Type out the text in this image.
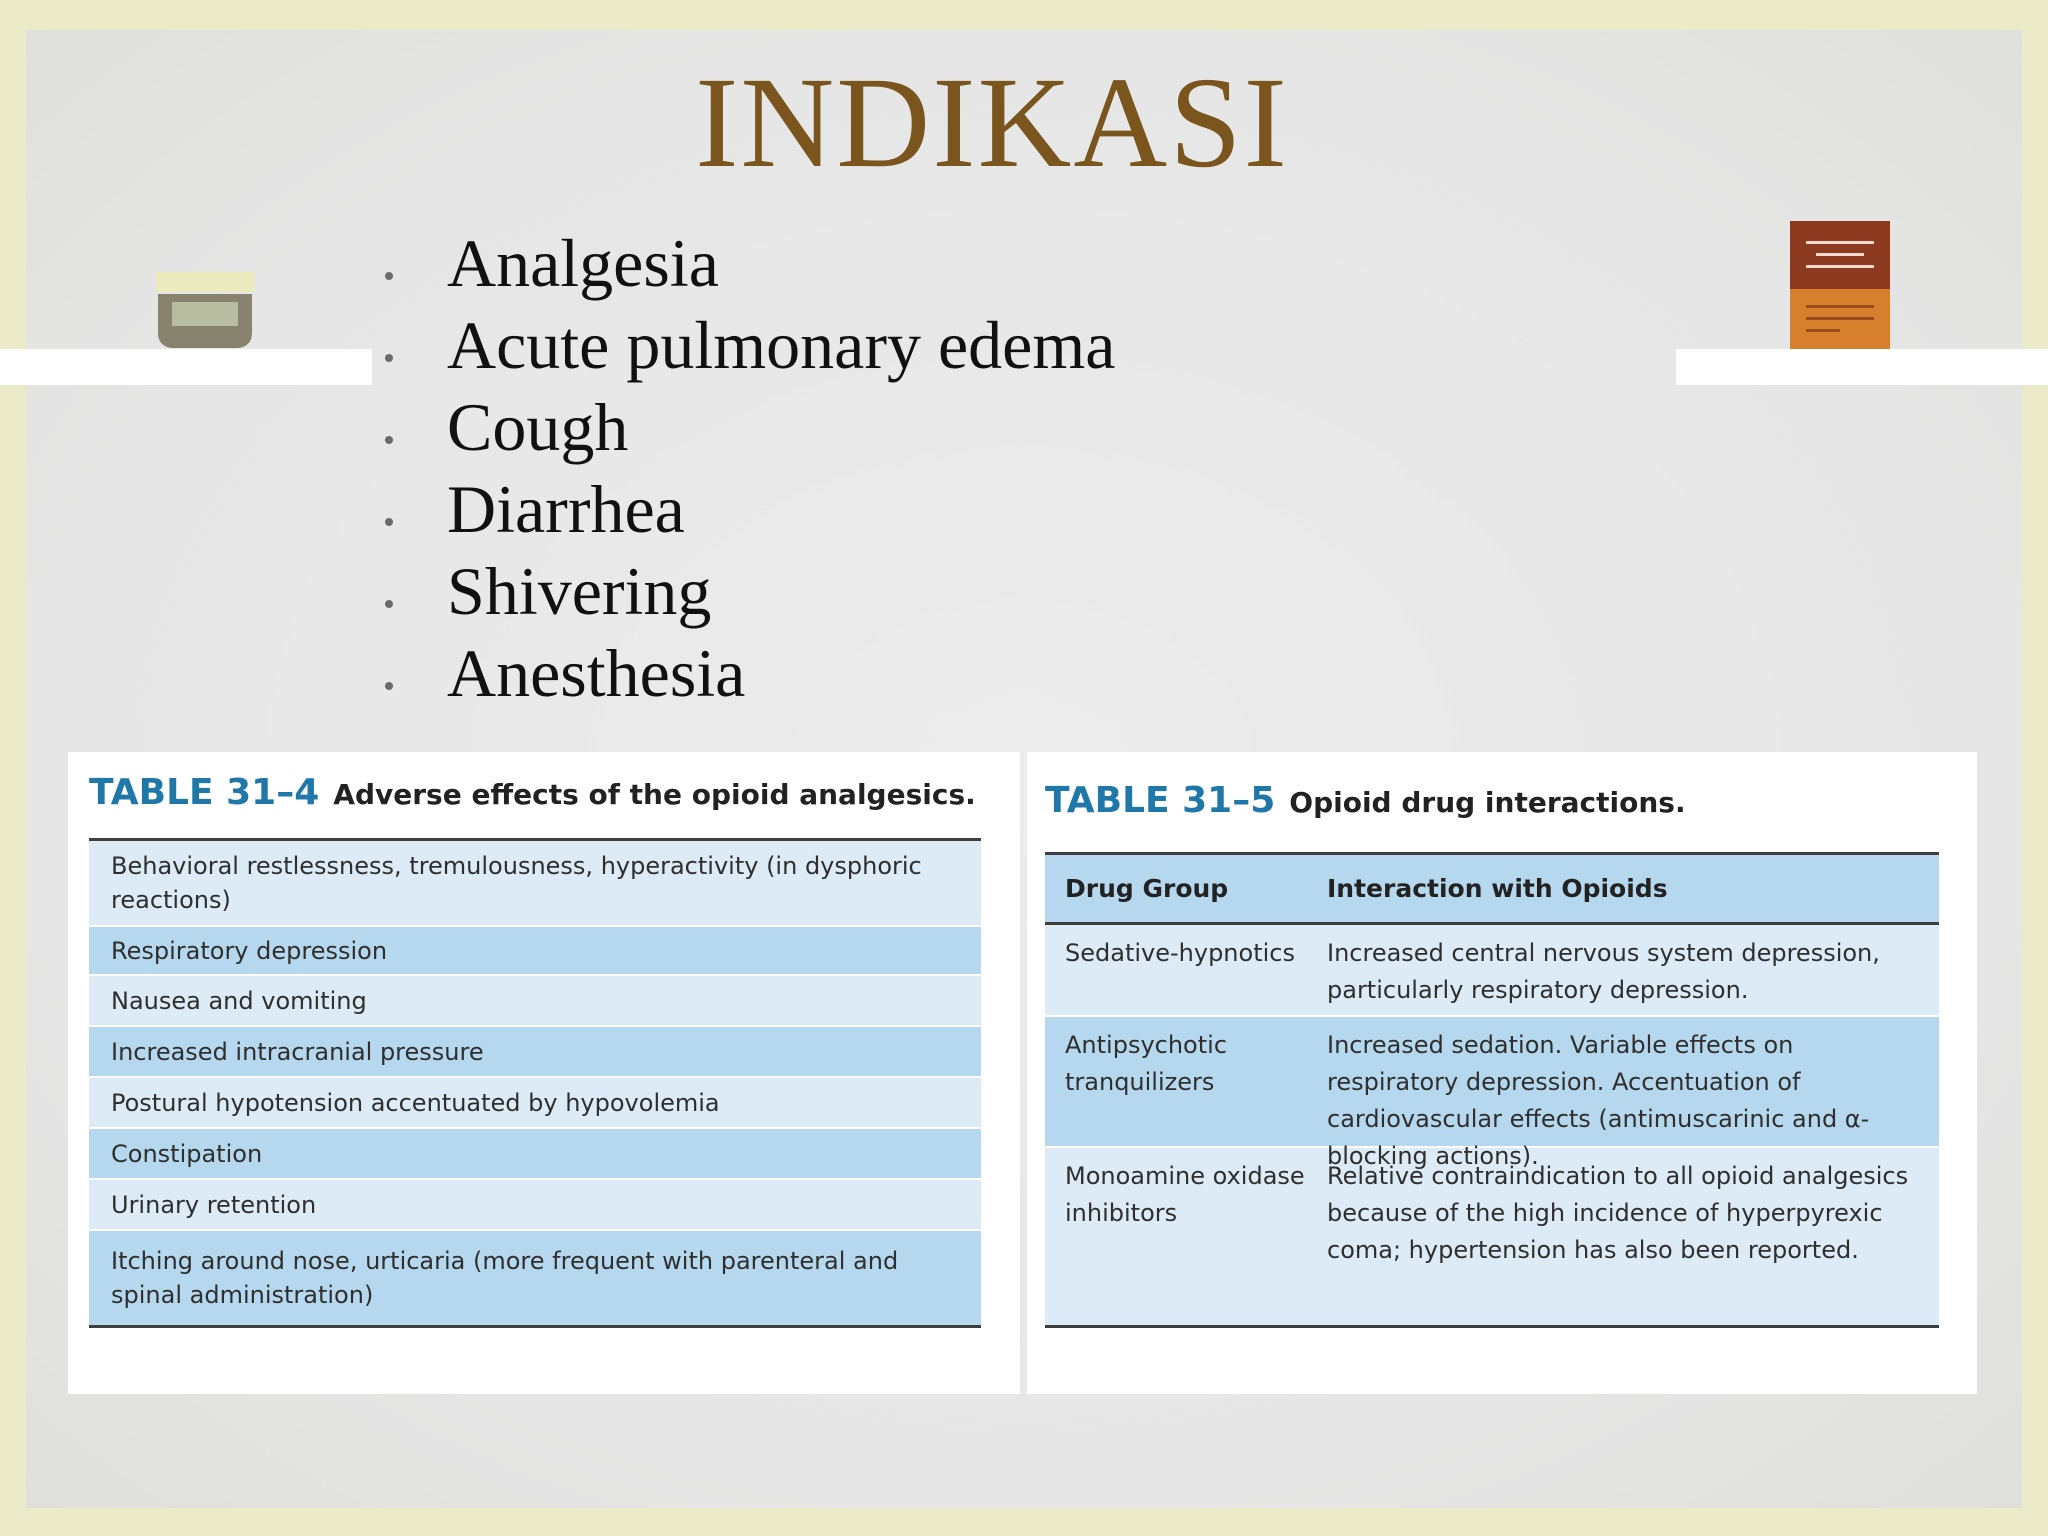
INDIKASI
Analgesia
Acute pulmonary edema
Cough
Diarrhea
Shivering
Anesthesia
TABLE 31–4 Adverse effects of the opioid analgesics.
Behavioral restlessness, tremulousness, hyperactivity (in dysphoric reactions)
Respiratory depression
Nausea and vomiting
Increased intracranial pressure
Postural hypotension accentuated by hypovolemia
Constipation
Urinary retention
Itching around nose, urticaria (more frequent with parenteral and spinal administration)
TABLE 31–5 Opioid drug interactions.
Drug Group	Interaction with Opioids
Sedative-hypnotics	Increased central nervous system depression, particularly respiratory depression.
Antipsychotic tranquilizers
Increased sedation. Variable effects on respiratory depression. Accentuation of cardiovascular effects (antimuscarinic and α-blocking actions).
Monoamine oxidase inhibitors
Relative contraindication to all opioid analgesics because of the high incidence of hyperpyrexic coma; hypertension has also been reported.
